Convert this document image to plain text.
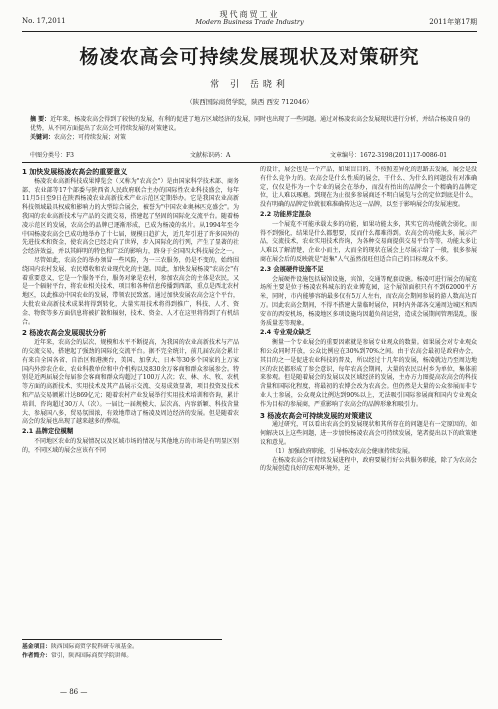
No. 17,2011
现代商贸工业
Modern Business Trade Industry	2011年第17期
杨凌农高会可持续发展现状及对策研究
常 引 岳晓利
（陕西国际商贸学院，陕西 西安 712046）
摘 要：近年来，杨凌农高会得到了较快的发展，有利的促进了地方区域经济的发展，同时也出现了一些问题。通过对杨凌农高会发展现状进行分析，并结合杨凌自身的优势，从不同方面提出了农高会可持续发展的对策建议。
关键词：农高会；可持续发展；对策
中图分类号：F3	文献标识码：A	文章编号：1672-3198(2011)17-0086-01
1 加快发展杨凌农高会的重要意义

杨凌农业高新科技成果博览会（又称为"农高会"）是由国家科学技术部、商务部、农业部等17个部委与陕西省人民政府联合主办的国际性农业科技盛会，每年11月5日至9日在陕西杨凌农业高新技术产业示范区定期举办。它是我国农业高新科技领域最具权威和影响力的大型综合展会，被誉为"中国农业奥林匹克盛会"。为我国的农业高新技术与产品的交流交易，搭建起了坚固的国际化交流平台。随着杨凌示范区的发展，农高会的品牌已逐渐形成，已成为杨凌的名片。从1994年至今中国杨凌农高会已成功地举办了十七届，规模日趋扩大，近几年引进了许多国外的先进技术和资金，使农高会已经走向了世界，步入国际化的行列，产生了显著的社会经济效益，并以其鲜明的特色和广泛的影响力，跻身于全国四大科技展会之一。

尽管如此，农高会的举办须冒一些风险，为一三农服务，仍是不变的，始终围绕国内农村发展、农民增收和农业现代化的主题。因此，加快发展杨凌"农高会"有着重要意义，它是一个服务平台，服务对象是农村，参加农高会的主体是农民，又是一个辐射平台，将农业相关技术、项目和各种信息传播到西部，重点是西北农村地区，以此推动中国农业的发展，带领农民致富。通过加快发展农高会这个平台，大批农业高新技术成果将得到转化，大量实用技术将得到推广，科技、人才、资金、物资等多方面信息将被扩散和辐射，技术、资金、人才在这里将得到了有机结合。

2 杨凌农高会发展现状分析

近年来，农高会的层次、规模和水平不断提高，为我国的农业高新技术与产品的交流交易，搭建起了强劲的国际化交流平台。据不完全统计，前几届农高会累计有来自全国各省、自治区和港澳台，美国、加拿大、日本等30多个国家的上万家国内外涉农企业、农业科教单位和中介机构以及830余万客商和群众参展参会。特别是近两届展会每届参会客商和群众均超过了100万人次；农、林、水、牧、农机等方面的高新技术、实用技术及其产品展示交流、交易成效显著，项目投资及技术和产品交易额累计达869亿元；随着农村产业发展举行实用技术培训和咨询，累计培训、咨询超过30万人（次）。一届比一届规模大、层次高、内容新颖、科技含量大、参展国八多，贸易氛围浓，有效地带动了杨凌及周边经济的发展。但是随着农高会的发展也出现了越来越多的弊端。

2.1 品牌定位模糊

不同地区农业的发展情况以及区域市场的情况与其他地方的市场是有明显区别的，不同区域的展会应该有不同

的设计，展会也是一个产品，如果盲目的、不按照差异化的思路去发展，展会是没有什么竞争力的。农高会是什么性质的展会，干什么、为什么的问题没有对准确定，仅仅是作为一个专业的展会在举办，而没有抬出的品牌会一个精确的品牌定位，让人难以琢磨。到现在为止很多参展商还不明白展览与会的定位到底是什么，没有明确的品牌定位就很难准确传达这一品牌，以至于影响展会的发展速度。

2.2 功能界定混杂

一个展览不可能承载太多的功能，如果功能太多，其实它的功能就会弱化，而得不到强化，结果是什么都想要，反而什么都难得到。农高会的功能太多，展示产品，交流技术，农业实用技术咨询，为各种交易商提供交易平台等等，功能太多让人难以了解清楚，企业小而主，大而全的现状在展会上尽展示给了一般，很多参展商在展会后的反映就是"赶集"人气虽然很旺但适合自己的目标观众不多。

2.3 会展硬件设施不足

会展硬件设施包括展馆设施，宾馆，交通等配套设施。杨凌可进行展会的展览场所主要是位于杨凌农科城东的农业博览园，这个展馆面积只有不到62000平方米，同时，市内能够容纳最多仅有5万人左右，而农高会期间参展的游人数高达百万。因此农高会期间，不得不搭建大量临时展位，同时内外部各交通周边城区和西安市的西安机场，杨凌地区多项设施均因超负荷运营，造成会展期间管理混乱，服务质量差等现象。

2.4 专业观众缺乏

衡量一个专业展会的重要因素就是参展专业观众的数量。如果展会对专业观众和公众同时开放，公众比例应在30%到70%之间。由于农高会最初是政府办会，其目的之一是促进农业科技的普及，所以经过十几年的发展，杨凌就边乃至周边地区的农民都形成了参会意识，每年农高会期间，大量的农民以村乡为单位，集体前来参观。但是随着展会的发展以及区域经济的发展，主办方力图提高农高会的科技含量和国际化程度，将最初的农博会改为农高会。但仍然是大量的公众参展而非专业人士参展，公众观众比例达到90%以上，无法吸引国际参展商和国内专业观众作为目标的参展商，严重影响了农高会的品牌形象和吸引力。

3 杨凌农高会可持续发展的对策建议

通过研究，可以看出农高会的发展现状和其所存在的问题是有一定原因的，如何解决以上这些问题，进一步加快杨凌农高会可持续发展，笔者提出以下的政策建议和意见。

（1）加强政府职能，引导杨凌农高会健康持续发展。

在杨凌农高会可持续发展进程中，政府要履行好公共服务职能，除了为农高会的发展创造良好的宏观环境外，还

基金项目：陕西国际商贸学院科研专项基金。
作者简介：常引，陕西国际商贸学院讲师。
— 86 —
